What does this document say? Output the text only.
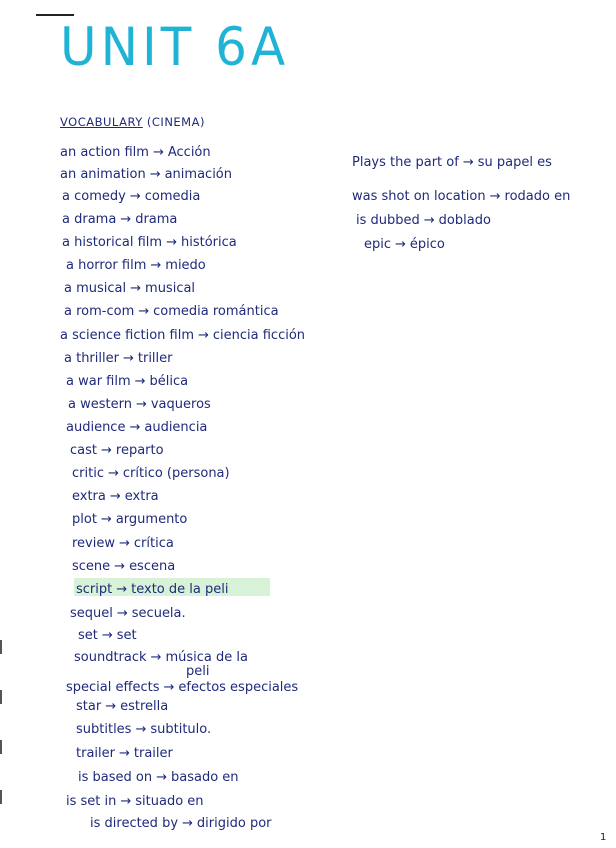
UNIT 6A
VOCABULARY (CINEMA)
an action film → Acción
an animation → animación
a comedy → comedia
a drama → drama
a historical film → histórica
a horror film → miedo
a musical → musical
a rom-com → comedia romántica
a science fiction film → ciencia ficción
a thriller → triller
a war film → bélica
a western → vaqueros
audience → audiencia
cast → reparto
critic → crítico (persona)
extra → extra
plot → argumento
review → crítica
scene → escena
script → texto de la peli
sequel → secuela.
set → set
soundtrack → música de la
special effects → efectos especiales
star → estrella
subtitles → subtitulo.
trailer → trailer
is based on → basado en
is set in → situado en
is directed by → dirigido por
peli
Plays the part of → su papel es
was shot on location → rodado en
is dubbed → doblado
epic → épico
1
